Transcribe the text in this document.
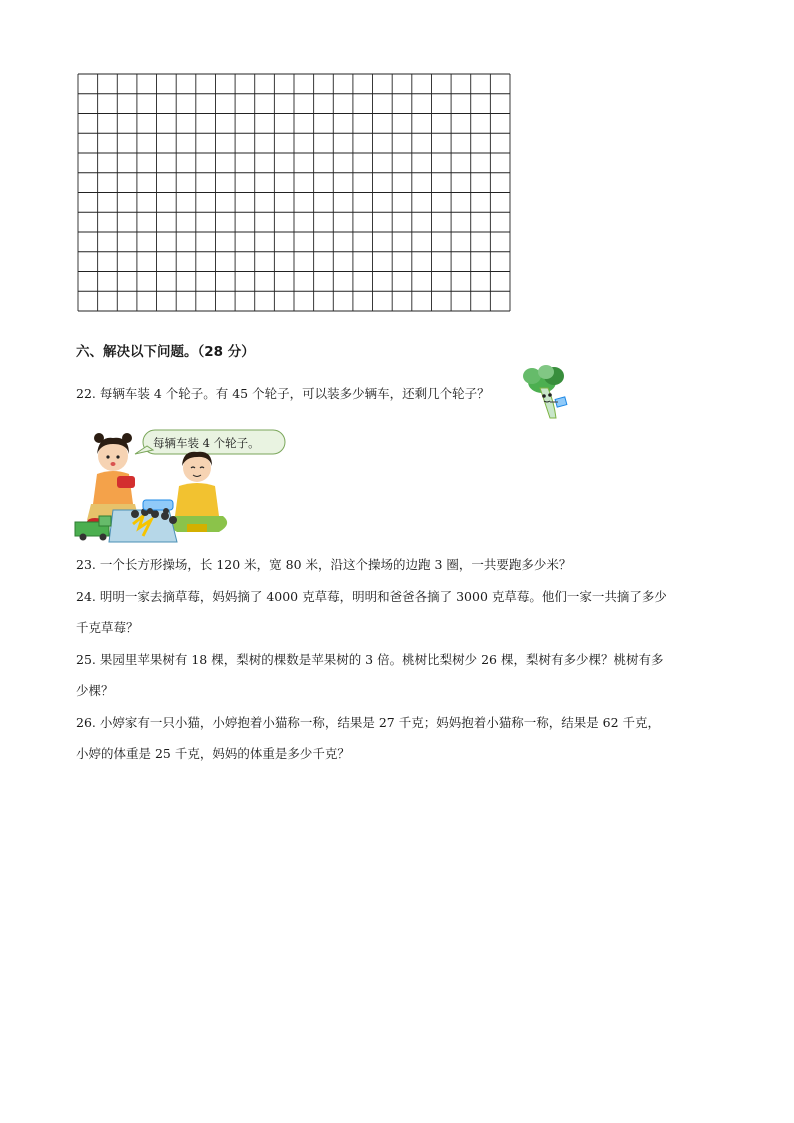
六、解决以下问题。（28 分）
22. 每辆车装 4 个轮子。有 45 个轮子，可以装多少辆车，还剩几个轮子？
每辆车装 4 个轮子。
23. 一个长方形操场，长 120 米，宽 80 米，沿这个操场的边跑 3 圈，一共要跑多少米？
24. 明明一家去摘草莓，妈妈摘了 4000 克草莓，明明和爸爸各摘了 3000 克草莓。他们一家一共摘了多少
千克草莓？
25. 果园里苹果树有 18 棵，梨树的棵数是苹果树的 3 倍。桃树比梨树少 26 棵，梨树有多少棵？桃树有多
少棵？
26. 小婷家有一只小猫，小婷抱着小猫称一称，结果是 27 千克；妈妈抱着小猫称一称，结果是 62 千克，
小婷的体重是 25 千克，妈妈的体重是多少千克？
